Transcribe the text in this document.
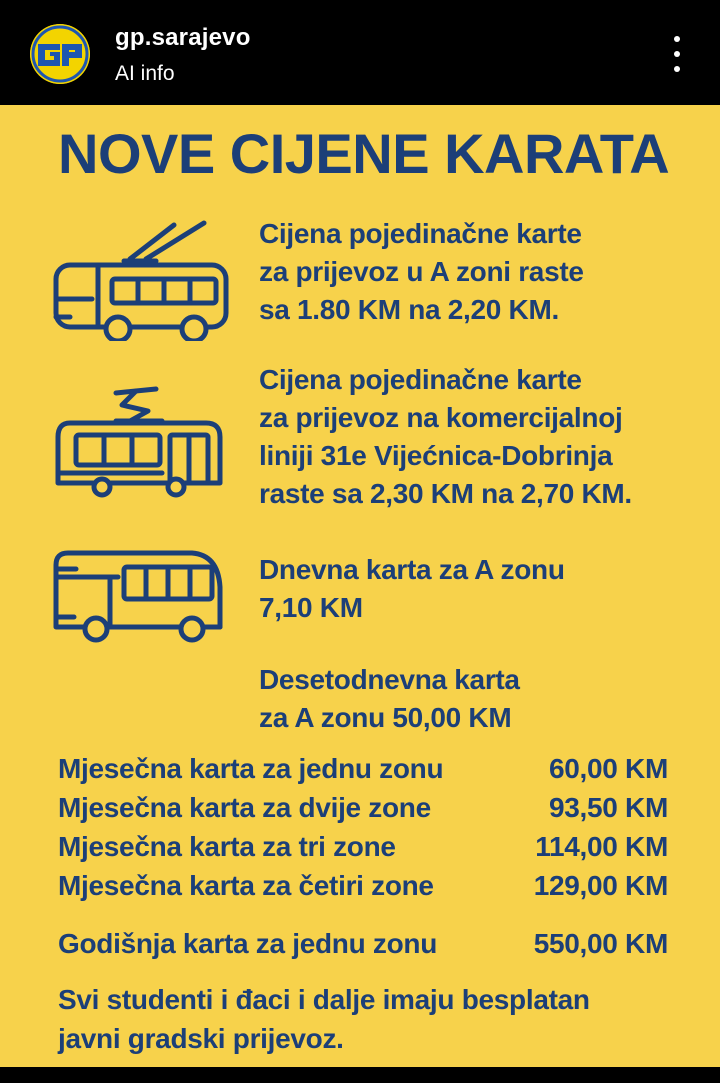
gp.sarajevo
AI info
NOVE CIJENE KARATA
Cijena pojedinačne karte
za prijevoz u A zoni raste
sa 1.80 KM na 2,20 KM.
Cijena pojedinačne karte
za prijevoz na komercijalnoj
liniji 31e Vijećnica-Dobrinja
raste sa 2,30 KM na 2,70 KM.
Dnevna karta za A zonu
7,10 KM
Desetodnevna karta
za A zonu 50,00 KM
Mjesečna karta za jednu zonu	60,00 KM
Mjesečna karta za dvije zone	93,50 KM
Mjesečna karta za tri zone	114,00 KM
Mjesečna karta za četiri zone	129,00 KM
Godišnja karta za jednu zonu	550,00 KM
Svi studenti i đaci i dalje imaju besplatan
javni gradski prijevoz.
